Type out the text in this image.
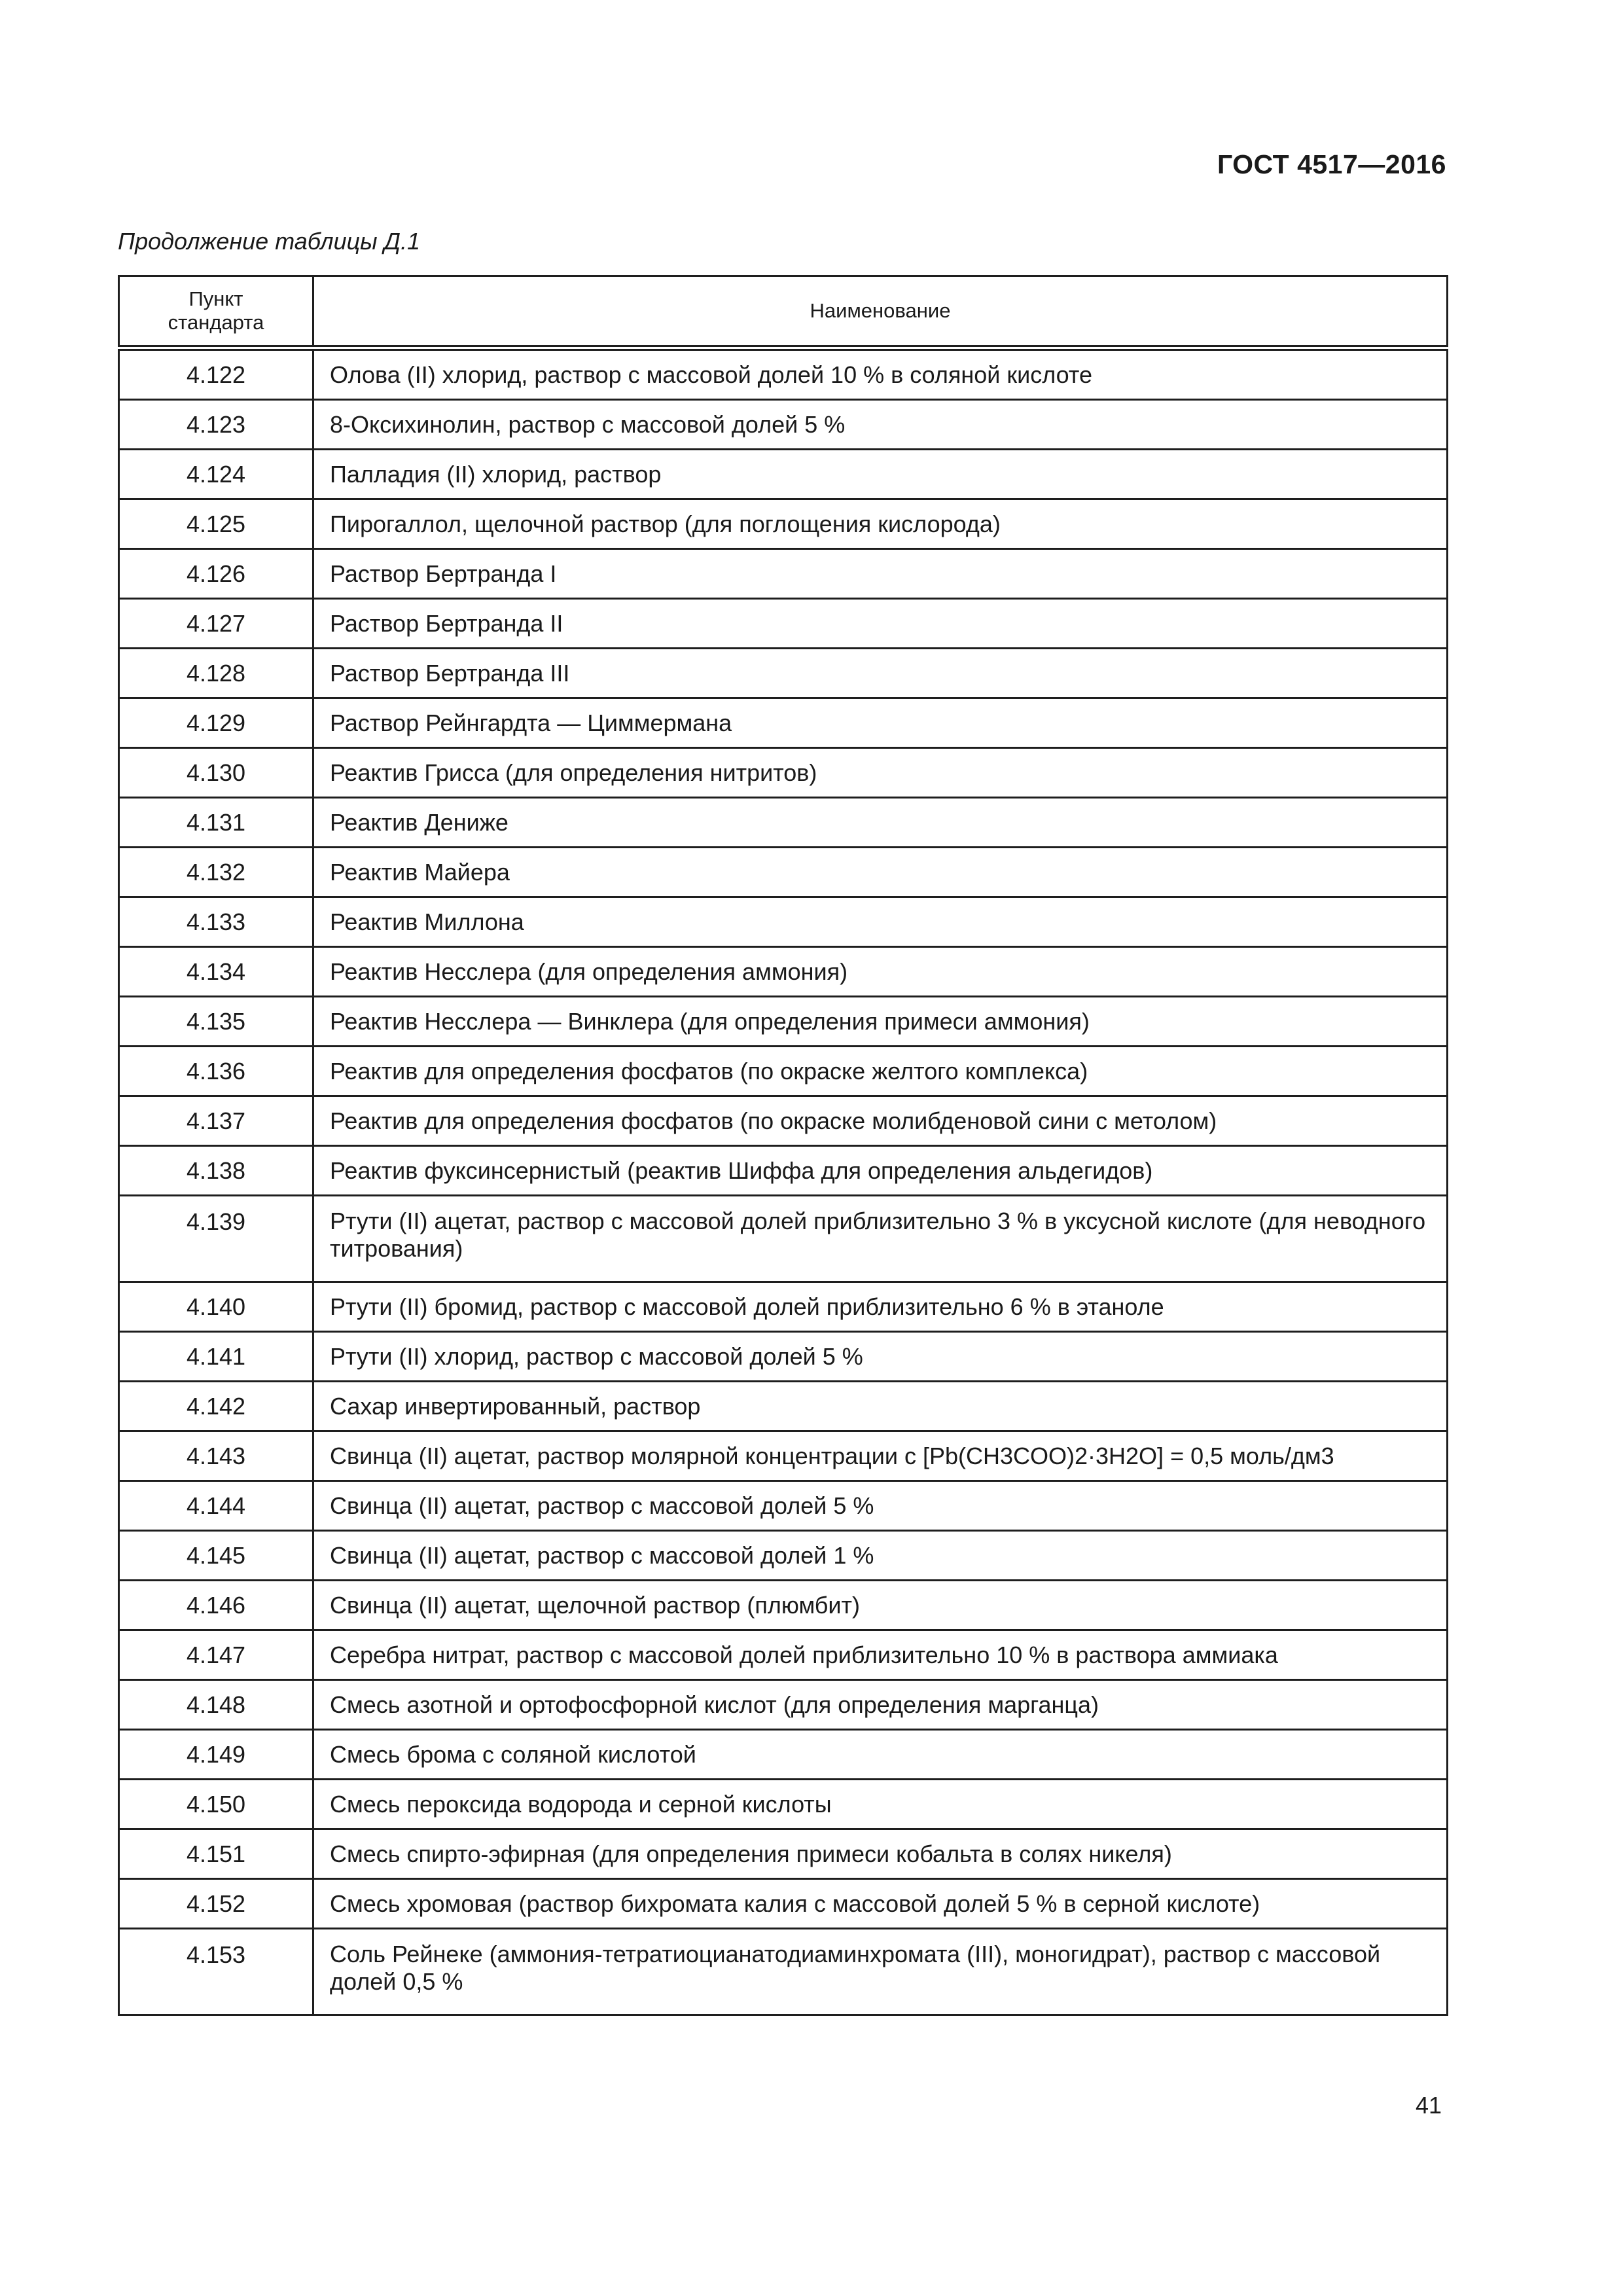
ГОСТ 4517—2016
Продолжение таблицы Д.1
Пункт стандарта	Наименование
4.122	Олова (II) хлорид, раствор с массовой долей 10 % в соляной кислоте
4.123	8-Оксихинолин, раствор с массовой долей 5 %
4.124	Палладия (II) хлорид, раствор
4.125	Пирогаллол, щелочной раствор (для поглощения кислорода)
4.126	Раствор Бертранда I
4.127	Раствор Бертранда II
4.128	Раствор Бертранда III
4.129	Раствор Рейнгардта — Циммермана
4.130	Реактив Грисса (для определения нитритов)
4.131	Реактив Дениже
4.132	Реактив Майера
4.133	Реактив Миллона
4.134	Реактив Несслера (для определения аммония)
4.135	Реактив Несслера — Винклера (для определения примеси аммония)
4.136	Реактив для определения фосфатов (по окраске желтого комплекса)
4.137	Реактив для определения фосфатов (по окраске молибденовой сини с метолом)
4.138	Реактив фуксинсернистый (реактив Шиффа для определения альдегидов)
4.139	Ртути (II) ацетат, раствор с массовой долей приблизительно 3 % в уксусной кислоте (для неводного титрования)
4.140	Ртути (II) бромид, раствор с массовой долей приблизительно 6 % в этаноле
4.141	Ртути (II) хлорид, раствор с массовой долей 5 %
4.142	Сахар инвертированный, раствор
4.143	Свинца (II) ацетат, раствор молярной концентрации c [Pb(CH3COO)2·3H2O] = 0,5 моль/дм3
4.144	Свинца (II) ацетат, раствор с массовой долей 5 %
4.145	Свинца (II) ацетат, раствор с массовой долей 1 %
4.146	Свинца (II) ацетат, щелочной раствор (плюмбит)
4.147	Серебра нитрат, раствор с массовой долей приблизительно 10 % в раствора аммиака
4.148	Смесь азотной и ортофосфорной кислот (для определения марганца)
4.149	Смесь брома с соляной кислотой
4.150	Смесь пероксида водорода и серной кислоты
4.151	Смесь спирто-эфирная (для определения примеси кобальта в солях никеля)
4.152	Смесь хромовая (раствор бихромата калия с массовой долей 5 % в серной кислоте)
4.153	Соль Рейнеке (аммония-тетратиоцианатодиаминхромата (III), моногидрат), раствор с массовой долей 0,5 %
41
